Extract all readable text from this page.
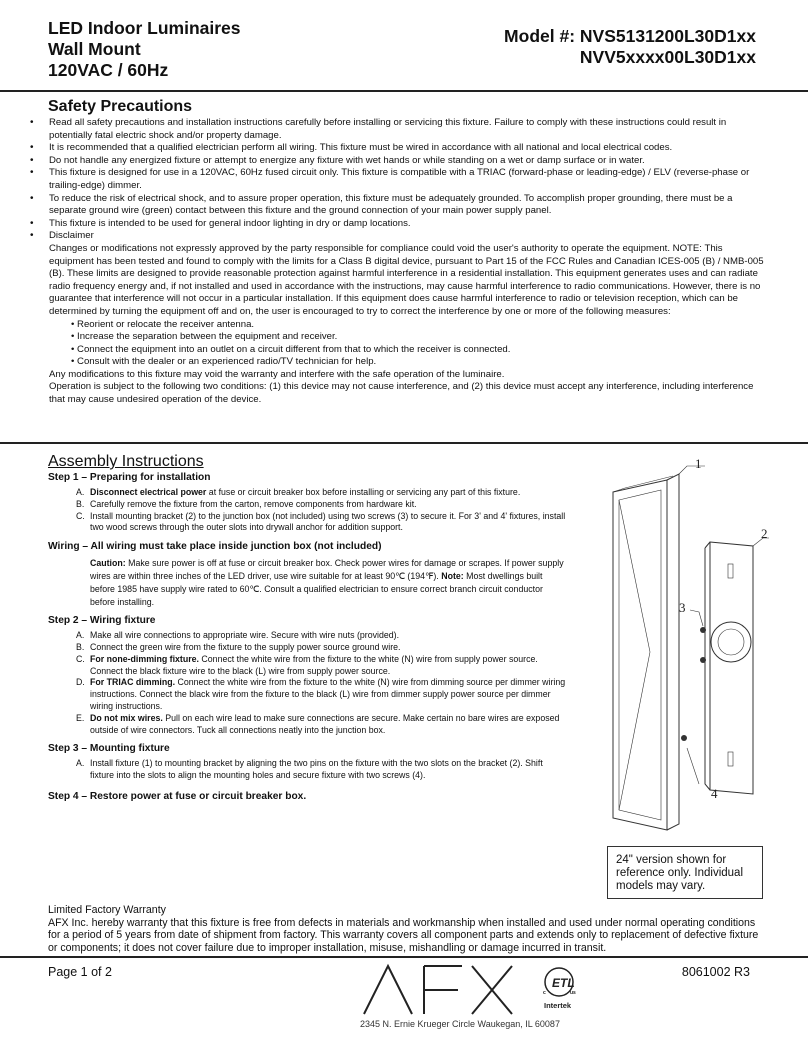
LED Indoor Luminaires
Wall Mount
120VAC / 60Hz
Model #: NVS5131200L30D1xx
NVV5xxxx00L30D1xx
Safety Precautions
• Read all safety precautions and installation instructions carefully before installing or servicing this fixture. Failure to comply with these instructions could result in potentially fatal electric shock and/or property damage.
• It is recommended that a qualified electrician perform all wiring. This fixture must be wired in accordance with all national and local electrical codes.
• Do not handle any energized fixture or attempt to energize any fixture with wet hands or while standing on a wet or damp surface or in water.
• This fixture is designed for use in a 120VAC, 60Hz fused circuit only. This fixture is compatible with a TRIAC (forward-phase or leading-edge) / ELV (reverse-phase or trailing-edge) dimmer.
• To reduce the risk of electrical shock, and to assure proper operation, this fixture must be adequately grounded. To accomplish proper grounding, there must be a separate ground wire (green) contact between this fixture and the ground connection of your main power supply panel.
• This fixture is intended to be used for general indoor lighting in dry or damp locations.
• Disclaimer
Changes or modifications not expressly approved by the party responsible for compliance could void the user's authority to operate the equipment. NOTE: This equipment has been tested and found to comply with the limits for a Class B digital device, pursuant to Part 15 of the FCC Rules and Canadian ICES-005 (B) / NMB-005 (B). These limits are designed to provide reasonable protection against harmful interference in a residential installation. This equipment generates uses and can radiate radio frequency energy and, if not installed and used in accordance with the instructions, may cause harmful interference to radio communications. However, there is no guarantee that interference will not occur in a particular installation. If this equipment does cause harmful interference to radio or television reception, which can be determined by turning the equipment off and on, the user is encouraged to try to correct the interference by one or more of the following measures:
• Reorient or relocate the receiver antenna.
• Increase the separation between the equipment and receiver.
• Connect the equipment into an outlet on a circuit different from that to which the receiver is connected.
• Consult with the dealer or an experienced radio/TV technician for help.
Any modifications to this fixture may void the warranty and interfere with the safe operation of the luminaire.
Operation is subject to the following two conditions: (1) this device may not cause interference, and (2) this device must accept any interference, including interference that may cause undesired operation of the device.
Assembly Instructions
Step 1 – Preparing for installation
A. Disconnect electrical power at fuse or circuit breaker box before installing or servicing any part of this fixture.
B. Carefully remove the fixture from the carton, remove components from hardware kit.
C. Install mounting bracket (2) to the junction box (not included) using two screws (3) to secure it. For 3' and 4' fixtures, install two wood screws through the outer slots into drywall anchor for addition support.
Wiring – All wiring must take place inside junction box (not included)
Caution: Make sure power is off at fuse or circuit breaker box. Check power wires for damage or scrapes. If power supply wires are within three inches of the LED driver, use wire suitable for at least 90℃ (194℉). Note: Most dwellings built before 1985 have supply wire rated to 60℃. Consult a qualified electrician to ensure correct branch circuit conductor before installing.
Step 2 – Wiring fixture
A. Make all wire connections to appropriate wire. Secure with wire nuts (provided).
B. Connect the green wire from the fixture to the supply power source ground wire.
C. For none-dimming fixture. Connect the white wire from the fixture to the white (N) wire from supply power source. Connect the black fixture wire to the black (L) wire from supply power source.
D. For TRIAC dimming. Connect the white wire from the fixture to the white (N) wire from dimming source per dimmer wiring instructions. Connect the black wire from the fixture to the black (L) wire from dimmer supply power source per dimmer wiring instructions.
E. Do not mix wires. Pull on each wire lead to make sure connections are secure. Make certain no bare wires are exposed outside of wire connectors. Tuck all connections neatly into the junction box.
Step 3 – Mounting fixture
A. Install fixture (1) to mounting bracket by aligning the two pins on the fixture with the two slots on the bracket (2). Shift fixture into the slots to align the mounting holes and secure fixture with two screws (4).
Step 4 – Restore power at fuse or circuit breaker box.
1
2
3
4
24" version shown for reference only. Individual models may vary.
Limited Factory Warranty
AFX Inc. hereby warranty that this fixture is free from defects in materials and workmanship when installed and used under normal operating conditions for a period of 5 years from date of shipment from factory. This warranty covers all component parts and extends only to replacement of defective fixture or components; it does not cover failure due to improper installation, misuse, mishandling or damage incurred in transit.
Page 1 of 2	8061002 R3
ETL
c	us
Intertek
2345 N. Ernie Krueger Circle Waukegan, IL 60087
